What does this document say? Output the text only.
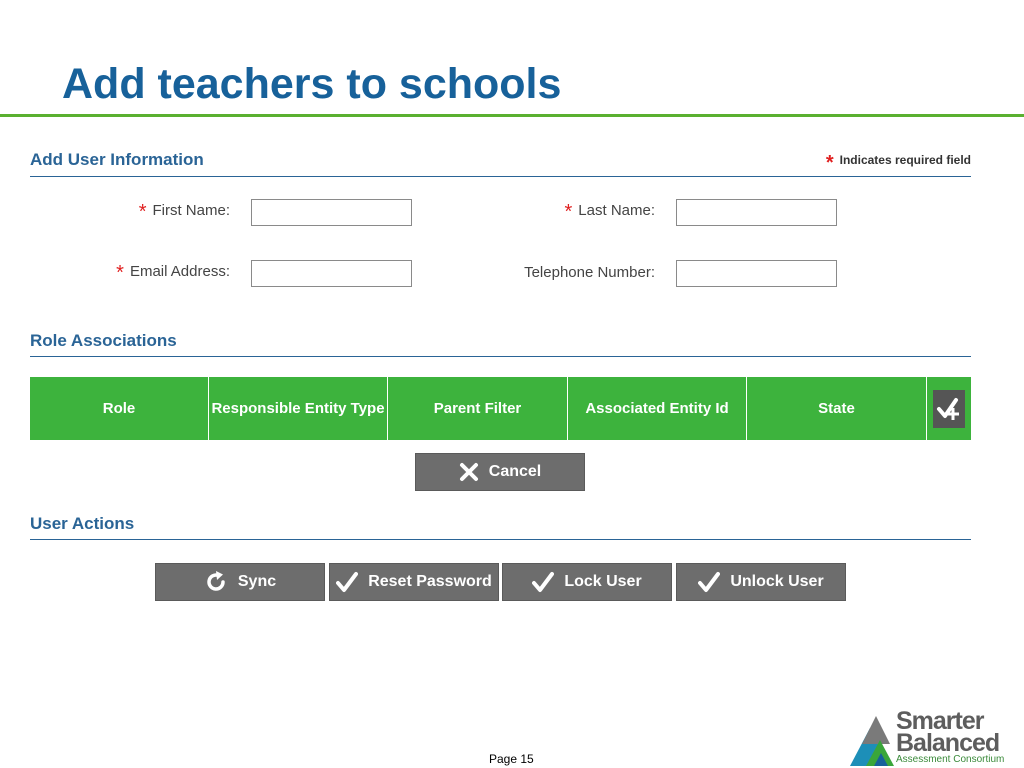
Add teachers to schools
Add User Information	* Indicates required field
* First Name:	* Last Name:
* Email Address:	Telephone Number:
Role Associations
Role	Responsible Entity Type	Parent Filter	Associated Entity Id	State
Cancel
User Actions
Sync	Reset Password	Lock User	Unlock User
Page 15
Smarter
Balanced
Assessment Consortium
